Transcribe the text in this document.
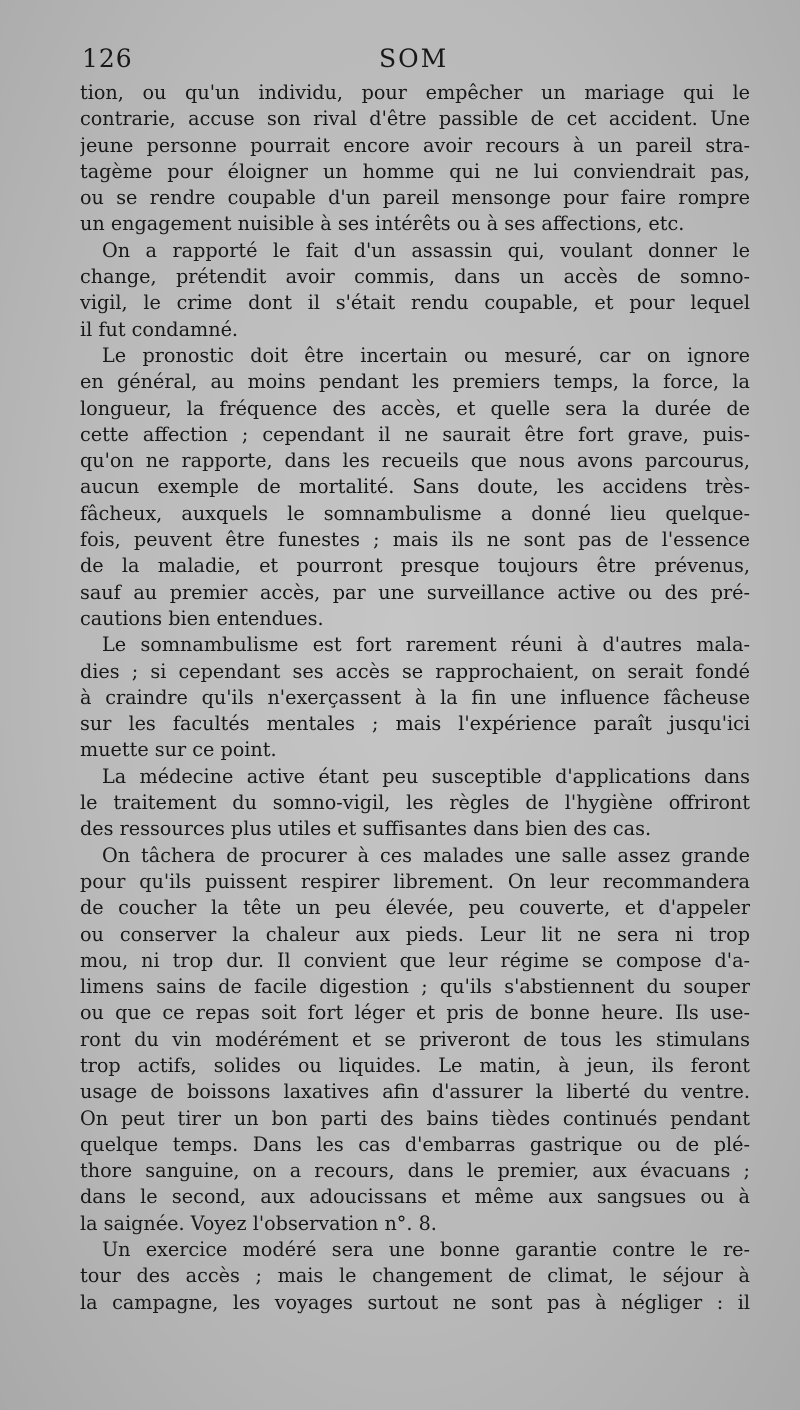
126	SOM
tion, ou qu'un individu, pour empêcher un mariage qui le
contrarie, accuse son rival d'être passible de cet accident. Une
jeune personne pourrait encore avoir recours à un pareil stra-
tagème pour éloigner un homme qui ne lui conviendrait pas,
ou se rendre coupable d'un pareil mensonge pour faire rompre
un engagement nuisible à ses intérêts ou à ses affections, etc.
On a rapporté le fait d'un assassin qui, voulant donner le
change, prétendit avoir commis, dans un accès de somno-
vigil, le crime dont il s'était rendu coupable, et pour lequel
il fut condamné.
Le pronostic doit être incertain ou mesuré, car on ignore
en général, au moins pendant les premiers temps, la force, la
longueur, la fréquence des accès, et quelle sera la durée de
cette affection ; cependant il ne saurait être fort grave, puis-
qu'on ne rapporte, dans les recueils que nous avons parcourus,
aucun exemple de mortalité. Sans doute, les accidens très-
fâcheux, auxquels le somnambulisme a donné lieu quelque-
fois, peuvent être funestes ; mais ils ne sont pas de l'essence
de la maladie, et pourront presque toujours être prévenus,
sauf au premier accès, par une surveillance active ou des pré-
cautions bien entendues.
Le somnambulisme est fort rarement réuni à d'autres mala-
dies ; si cependant ses accès se rapprochaient, on serait fondé
à craindre qu'ils n'exerçassent à la fin une influence fâcheuse
sur les facultés mentales ; mais l'expérience paraît jusqu'ici
muette sur ce point.
La médecine active étant peu susceptible d'applications dans
le traitement du somno-vigil, les règles de l'hygiène offriront
des ressources plus utiles et suffisantes dans bien des cas.
On tâchera de procurer à ces malades une salle assez grande
pour qu'ils puissent respirer librement. On leur recommandera
de coucher la tête un peu élevée, peu couverte, et d'appeler
ou conserver la chaleur aux pieds. Leur lit ne sera ni trop
mou, ni trop dur. Il convient que leur régime se compose d'a-
limens sains de facile digestion ; qu'ils s'abstiennent du souper
ou que ce repas soit fort léger et pris de bonne heure. Ils use-
ront du vin modérément et se priveront de tous les stimulans
trop actifs, solides ou liquides. Le matin, à jeun, ils feront
usage de boissons laxatives afin d'assurer la liberté du ventre.
On peut tirer un bon parti des bains tièdes continués pendant
quelque temps. Dans les cas d'embarras gastrique ou de plé-
thore sanguine, on a recours, dans le premier, aux évacuans ;
dans le second, aux adoucissans et même aux sangsues ou à
la saignée. Voyez l'observation n°. 8.
Un exercice modéré sera une bonne garantie contre le re-
tour des accès ; mais le changement de climat, le séjour à
la campagne, les voyages surtout ne sont pas à négliger : il
